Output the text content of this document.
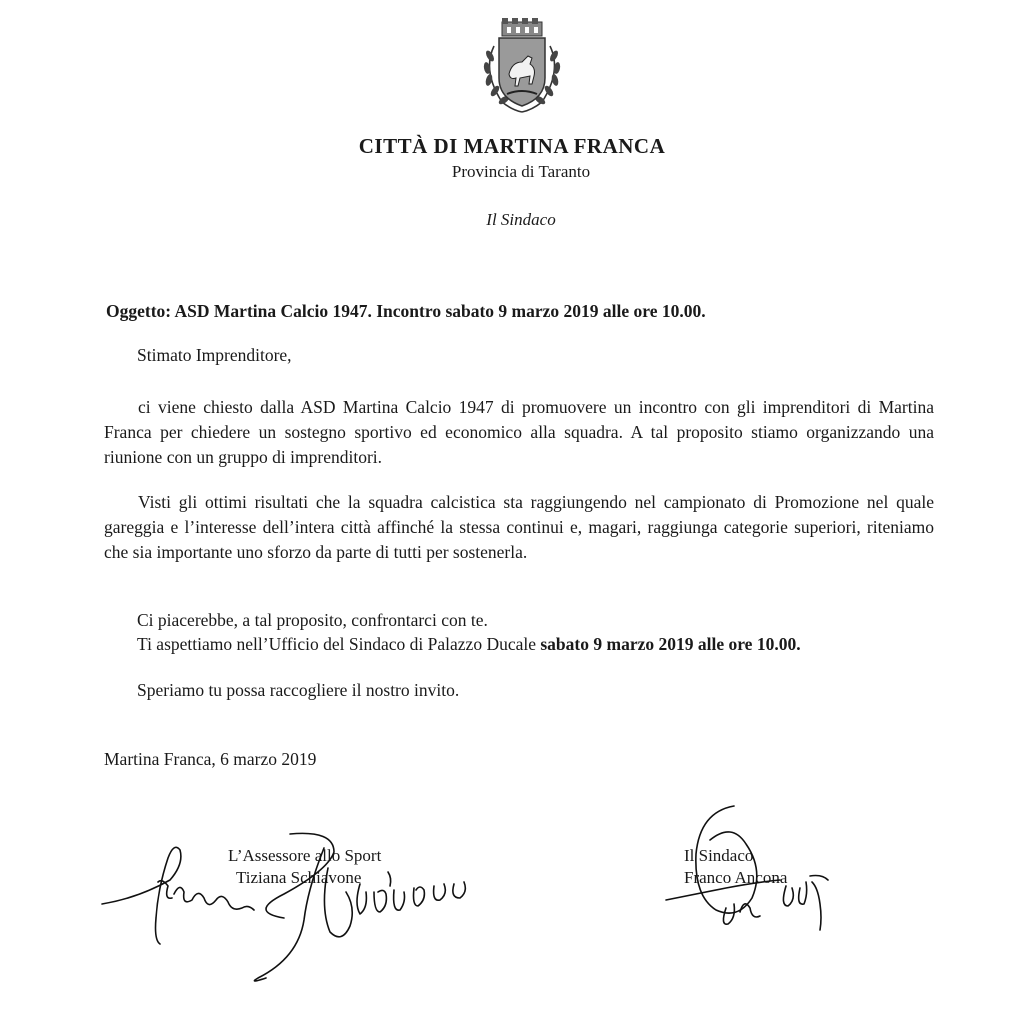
CITTÀ DI MARTINA FRANCA
Provincia di Taranto
Il Sindaco
Oggetto: ASD Martina Calcio 1947. Incontro sabato 9 marzo 2019 alle ore 10.00.
Stimato Imprenditore,
ci viene chiesto dalla ASD Martina Calcio 1947 di promuovere un incontro con gli imprenditori di Martina Franca per chiedere un sostegno sportivo ed economico alla squadra. A tal proposito stiamo organizzando una riunione con un gruppo di imprenditori.
Visti gli ottimi risultati che la squadra calcistica sta raggiungendo nel campionato di Promozione nel quale gareggia e l’interesse dell’intera città affinché la stessa continui e, magari, raggiunga categorie superiori, riteniamo che sia importante uno sforzo da parte di tutti per sostenerla.
Ci piacerebbe, a tal proposito, confrontarci con te.
Ti aspettiamo nell’Ufficio del Sindaco di Palazzo Ducale sabato 9 marzo 2019 alle ore 10.00.
Speriamo tu possa raccogliere il nostro invito.
Martina Franca, 6 marzo 2019
L’Assessore allo Sport
Tiziana Schiavone
Il Sindaco
Franco Ancona
